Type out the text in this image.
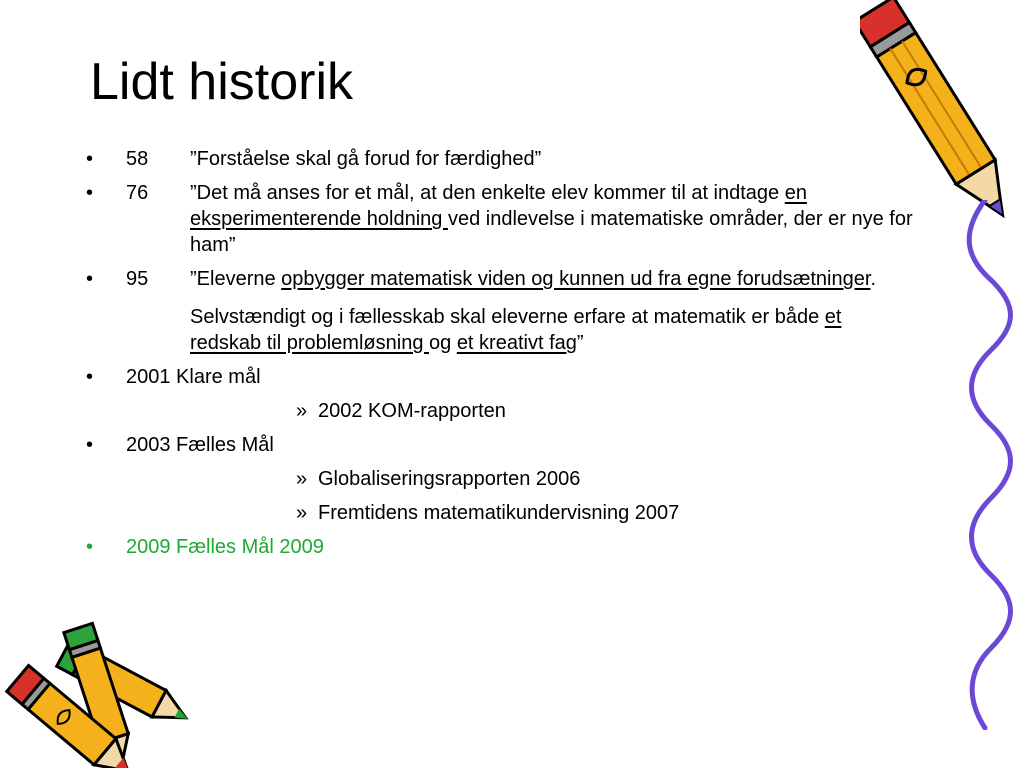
Lidt historik
•	58 ”Forståelse skal gå forud for færdighed”
•	76 ”Det må anses for et mål, at den enkelte elev kommer til at indtage en eksperimenterende holdning ved indlevelse i matematiske områder, der er nye for ham”
•	95 ”Eleverne opbygger matematisk viden og kunnen ud fra egne forudsætninger.
Selvstændigt og i fællesskab skal eleverne erfare at matematik er både et redskab til problemløsning og et kreativt fag”
•	2001 Klare mål
» 2002 KOM-rapporten
•	2003 Fælles Mål
» Globaliseringsrapporten 2006
» Fremtidens matematikundervisning 2007
•	2009 Fælles Mål 2009
